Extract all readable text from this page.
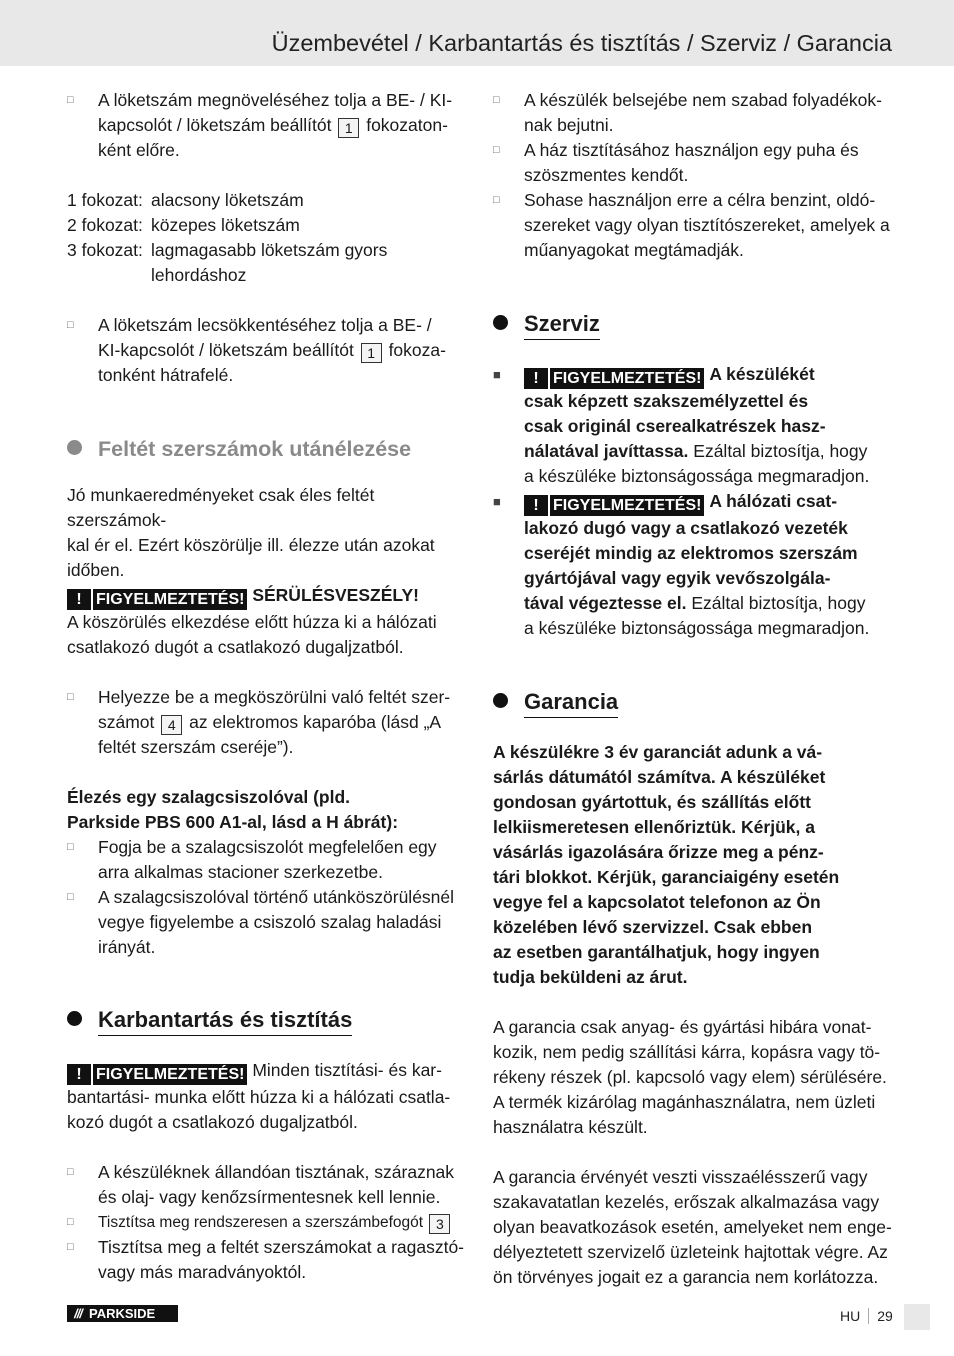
Üzembevétel / Karbantartás és tisztítás / Szerviz / Garancia
□ A löketszám megnöveléséhez tolja a BE- / KI-

kapcsolót / löketszám beállítót 1 fokozaton-

ként előre.

1 fokozat: alacsony löketszám
2 fokozat: közepes löketszám
3 fokozat: lagmagasabb löketszám gyors
lehordáshoz
□ A löketszám lecsökkentéséhez tolja a BE- /

KI-kapcsolót / löketszám beállítót 1 fokoza-

tonként hátrafelé.

Feltét szerszámok utánélezése

Jó munkaeredményeket csak éles feltét szerszámok-

kal ér el. Ezért köszörülje ill. élezze után azokat

időben.

! FIGYELMEZTETÉS! SÉRÜLÉSVESZÉLY!

A köszörülés elkezdése előtt húzza ki a hálózati

csatlakozó dugót a csatlakozó dugaljzatból.

□ Helyezze be a megköszörülni való feltét szer-

számot 4 az elektromos kaparóba (lásd „A

feltét szerszám cseréje”).

Élezés egy szalagcsiszolóval (pld.

Parkside PBS 600 A1-al, lásd a H ábrát):

□ Fogja be a szalagcsiszolót megfelelően egy

arra alkalmas stacioner szerkezetbe.

□ A szalagcsiszolóval történő utánköszörülésnél

vegye figyelembe a csiszoló szalag haladási

irányát.

Karbantartás és tisztítás

! FIGYELMEZTETÉS! Minden tisztítási- és kar-

bantartási- munka előtt húzza ki a hálózati csatla-

kozó dugót a csatlakozó dugaljzatból.

□ A készüléknek állandóan tisztának, száraznak

és olaj- vagy kenőzsírmentesnek kell lennie.

□ Tisztítsa meg rendszeresen a szerszámbefogót 3

□ Tisztítsa meg a feltét szerszámokat a ragasztó-

vagy más maradványoktól.

□ A készülék belsejébe nem szabad folyadékok-

nak bejutni.

□ A ház tisztításához használjon egy puha és

szöszmentes kendőt.

□ Sohase használjon erre a célra benzint, oldó-

szereket vagy olyan tisztítószereket, amelyek a

műanyagokat megtámadják.

Szerviz
■	! FIGYELMEZTETÉS! A készülékét

csak képzett szakszemélyzettel és

csak originál cserealkatrészek hasz-

nálatával javíttassa. Ezáltal biztosítja, hogy

a készüléke biztonságossága megmaradjon.

■	! FIGYELMEZTETÉS! A hálózati csat-

lakozó dugó vagy a csatlakozó vezeték

cseréjét mindig az elektromos szerszám

gyártójával vagy egyik vevőszolgála-

tával végeztesse el. Ezáltal biztosítja, hogy

a készüléke biztonságossága megmaradjon.

Garancia

A készülékre 3 év garanciát adunk a vá-

sárlás dátumától számítva. A készüléket

gondosan gyártottuk, és szállítás előtt

lelkiismeretesen ellenőriztük. Kérjük, a

vásárlás igazolására őrizze meg a pénz-

tári blokkot. Kérjük, garanciaigény esetén

vegye fel a kapcsolatot telefonon az Ön

közelében lévő szervizzel. Csak ebben

az esetben garantálhatjuk, hogy ingyen

tudja beküldeni az árut.

A garancia csak anyag- és gyártási hibára vonat-

kozik, nem pedig szállítási kárra, kopásra vagy tö-

rékeny részek (pl. kapcsoló vagy elem) sérülésére.

A termék kizárólag magánhasználatra, nem üzleti

használatra készült.

A garancia érvényét veszti visszaélésszerű vagy

szakavatatlan kezelés, erőszak alkalmazása vagy

olyan beavatkozások esetén, amelyeket nem enge-

délyeztetett szervizelő üzleteink hajtottak végre. Az

ön törvényes jogait ez a garancia nem korlátozza.

/// PARKSIDE	HU 29
